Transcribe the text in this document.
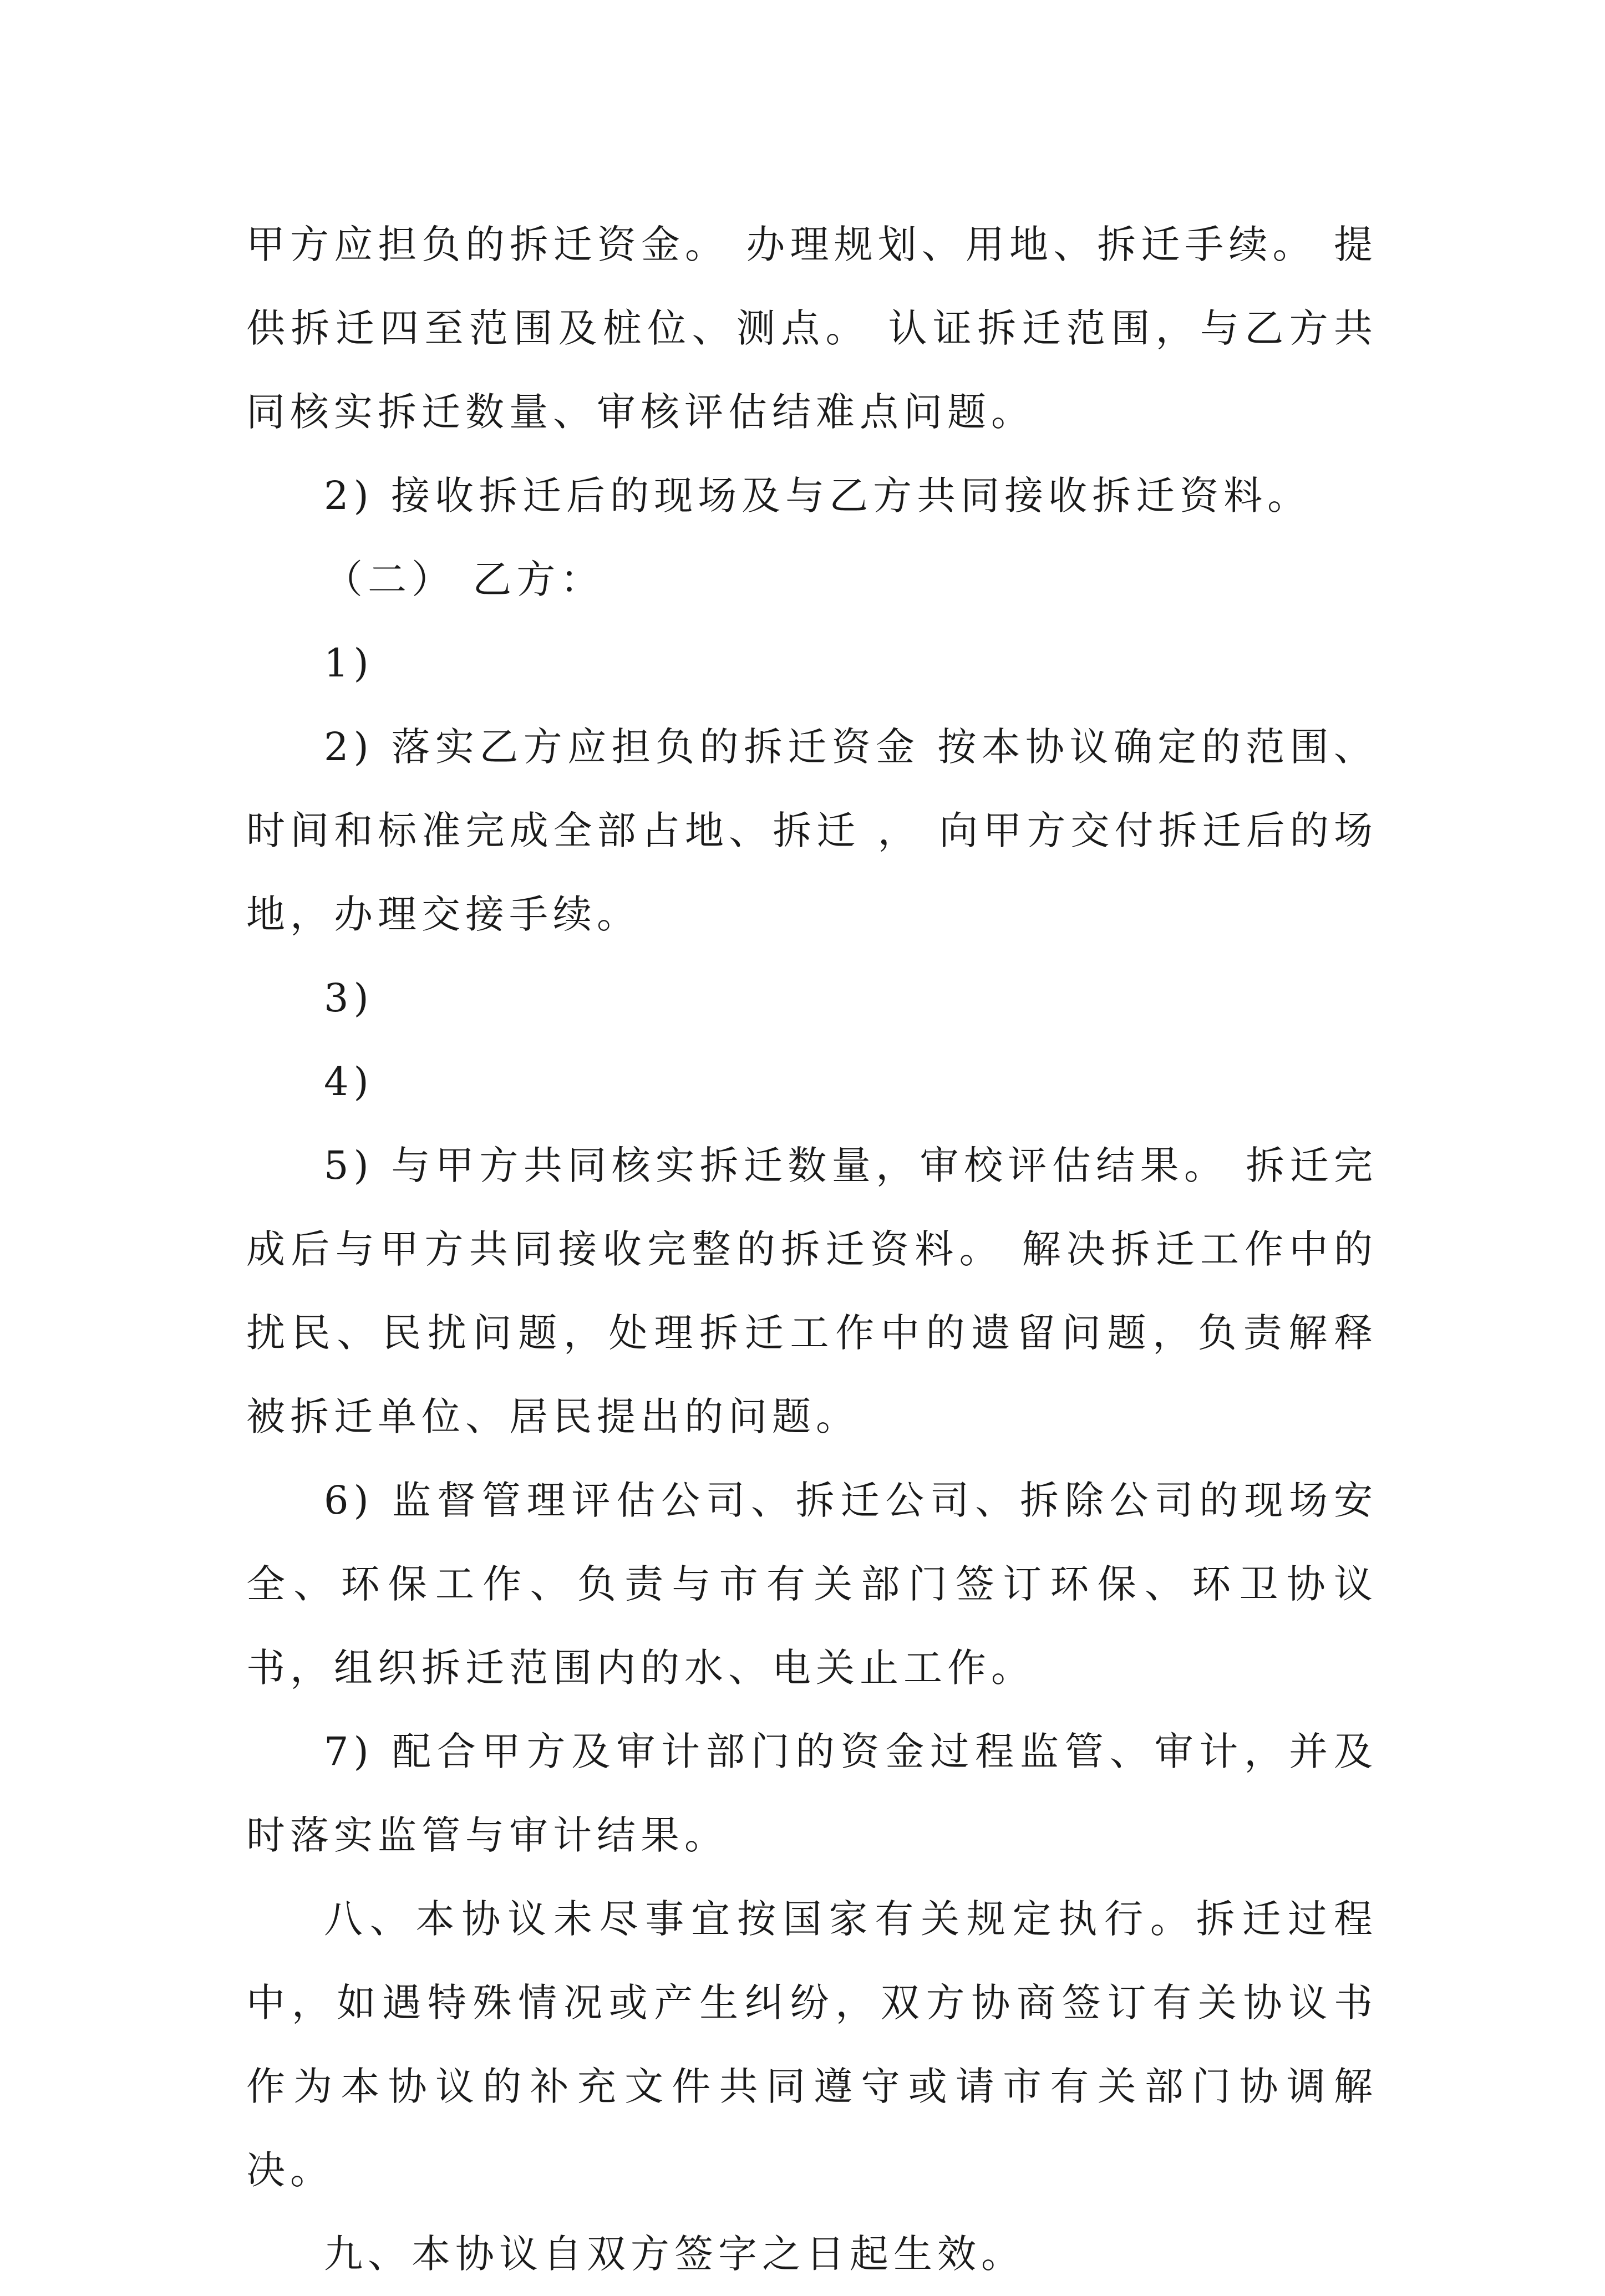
甲方应担负的拆迁资金。 办理规划、用地、拆迁手续。 提供拆迁四至范围及桩位、测点。 认证拆迁范围，与乙方共同核实拆迁数量、审核评估结难点问题。

2) 接收拆迁后的现场及与乙方共同接收拆迁资料。

（二） 乙方：

1)

2) 落实乙方应担负的拆迁资金 按本协议确定的范围、时间和标准完成全部占地、拆迁 ， 向甲方交付拆迁后的场地，办理交接手续。

3)

4)

5) 与甲方共同核实拆迁数量，审校评估结果。 拆迁完成后与甲方共同接收完整的拆迁资料。 解决拆迁工作中的扰民、民扰问题，处理拆迁工作中的遗留问题，负责解释被拆迁单位、居民提出的问题。

6) 监督管理评估公司、拆迁公司、拆除公司的现场安全、环保工作、负责与市有关部门签订环保、环卫协议书，组织拆迁范围内的水、电关止工作。

7) 配合甲方及审计部门的资金过程监管、审计，并及时落实监管与审计结果。

八、本协议未尽事宜按国家有关规定执行。拆迁过程中，如遇特殊情况或产生纠纷，双方协商签订有关协议书作为本协议的补充文件共同遵守或请市有关部门协调解决。

九、本协议自双方签字之日起生效。
